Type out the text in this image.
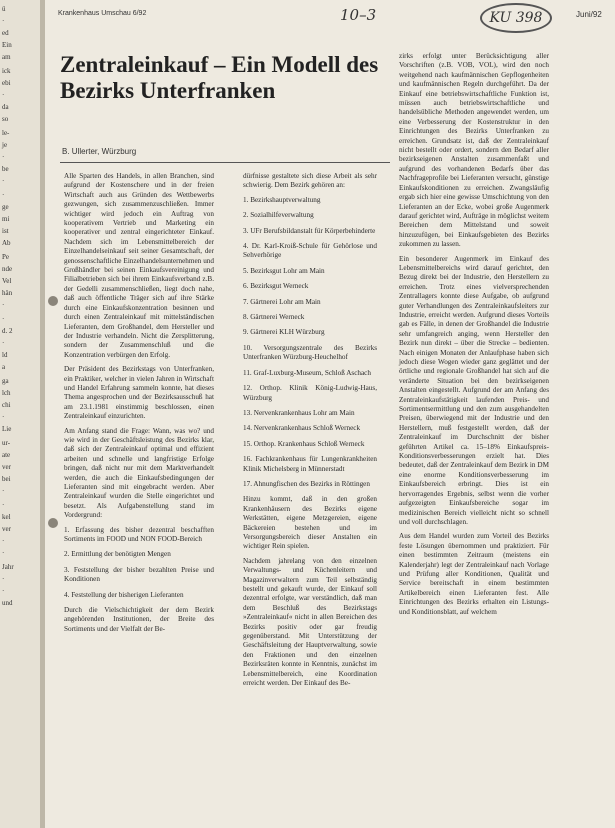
ü
·
ed
Ein
am
ick
ebi
·
da
so
le-
je
·
be
·
·
ge
mi
ist
Ab
Pe
nde
Vel
hän
·
·
d. 2
·
ld
a
ga
lch
chi
·
Lie
ur-
ate
ver
bei
·
·
kel
ver
·
·
Jahr
·
·
und
Krankenhaus Umschau 6/92	10–3	KU 398	Juni/92
Zentraleinkauf – Ein Modell des Bezirks Unterfranken
B. Ullerter, Würzburg

Alle Sparten des Handels, in allen Branchen, sind aufgrund der Kostenschere und in der freien Wirtschaft auch aus Gründen des Wettbewerbs gezwungen, sich zusammenzuschließen. Immer wichtiger wird jedoch ein Auftrag von kooperativem Vertrieb und Marketing ein kooperativer und zentral eingerichteter Einkauf. Nachdem sich im Lebensmittelbereich der Einzelhandelseinkauf seit seiner Gesamtschaft, der genossenschaftliche Einzelhandelsunternehmen und Großhändler bei seinen Einkaufsvereinigung und Filialbetrieben sich bei ihrem Einkaufsverband z.B. der Gedelli zusammenschließen, liegt doch nahe, daß auch öffentliche Träger sich auf ihre Stärke durch eine Einkaufskonzentration besinnen und durch einen Zentraleinkauf mit mittelständischen Lieferanten, dem Großhandel, dem Hersteller und der Industrie verhandeln. Nicht die Zersplitterung, sondern der Zusammenschluß und die Konzentration verbürgen den Erfolg.

Der Präsident des Bezirkstags von Unterfranken, ein Praktiker, welcher in vielen Jahren in Wirtschaft und Handel Erfahrung sammeln konnte, hat dieses Thema angesprochen und der Bezirksausschuß hat am 23.1.1981 einstimmig beschlossen, einen Zentraleinkauf einzurichten.

Am Anfang stand die Frage: Wann, was wo? und wie wird in der Geschäftsleistung des Bezirks klar, daß sich der Zentraleinkauf optimal und effizient arbeiten und schnelle und langfristige Erfolge bringen, daß nicht nur mit dem Marktverhandelt werden, die auch die Einkaufsbedingungen der Lieferanten sind mit eingebracht werden. Aber Zentraleinkauf wurden die Stelle eingerichtet und besetzt. Als Aufgabenstellung stand im Vordergrund:

1. Erfassung des bisher dezentral beschafften Sortiments im FOOD und NON FOOD-Bereich
2. Ermittlung der benötigten Mengen
3. Feststellung der bisher bezahlten Preise und Konditionen
4. Feststellung der bisherigen Lieferanten

Durch die Vielschichtigkeit der dem Bezirk angehörenden Institutionen, der Breite des Sortiments und der Vielfalt der Be-

dürfnisse gestaltete sich diese Arbeit als sehr schwierig. Dem Bezirk gehören an:

1. Bezirkshauptverwaltung
2. Sozialhilfeverwaltung
3. UFr Berufsbildanstalt für Körperbehinderte
4. Dr. Karl-Kroiß-Schule für Gehörlose und Sehverhörige
5. Bezirksgut Lohr am Main
6. Bezirksgut Werneck
7. Gärtnerei Lohr am Main
8. Gärtnerei Werneck
9. Gärtnerei KLH Würzburg
10. Versorgungszentrale des Bezirks Unterfranken Würzburg-Heuchelhof
11. Graf-Luxburg-Museum, Schloß Aschach
12. Orthop. Klinik König-Ludwig-Haus, Würzburg
13. Nervenkrankenhaus Lohr am Main
14. Nervenkrankenhaus Schloß Werneck
15. Orthop. Krankenhaus Schloß Werneck
16. Fachkrankenhaus für Lungenkrankheiten Klinik Michelsberg in Münnerstadt
17. Ahnungfischen des Bezirks in Röttingen

Hinzu kommt, daß in den großen Krankenhäusern des Bezirks eigene Werkstätten, eigene Metzgereien, eigene Bäckereien bestehen und im Versorgungsbereich dieser Anstalten ein wichtiger Rein spielen.

Nachdem jahrelang von den einzelnen Verwaltungs- und Küchenleitern und Magazinverwaltern zum Teil selbständig bestellt und gekauft wurde, der Einkauf soll dezentral erfolgte, war verständlich, daß man dem Beschluß des Bezirkstags »Zentraleinkauf« nicht in allen Bereichen des Bezirks positiv oder gar freudig gegenüberstand. Mit Unterstützung der Geschäftsleitung der Hauptverwaltung, sowie den Fraktionen und den einzelnen Bezirksräten konnte in Kenntnis, zunächst im Lebensmittelbereich, eine Koordination erreicht werden. Der Einkauf des Be-

zirks erfolgt unter Berücksichtigung aller Vorschriften (z.B. VOB, VOL), wird den noch weitgehend nach kaufmännischen Gepflogenheiten und kaufmännischen Regeln durchgeführt. Da der Einkauf eine betriebswirtschaftliche Funktion ist, müssen auch betriebswirtschaftliche und handelsübliche Methoden angewendet werden, um eine Verbesserung der Kostenstruktur in den Einrichtungen des Bezirks Unterfranken zu erreichen. Grundsatz ist, daß der Zentraleinkauf nicht bestellt oder ordert, sondern den Bedarf aller bezirkseigenen Anstalten zusammenfaßt und aufgrund des vorhandenen Bedarfs über das Nachfrageprofile bei Lieferanten versucht, günstige Einkaufskonditionen zu erreichen. Zwangsläufig ergab sich hier eine gewisse Umschichtung von den Lieferanten an der Ecke, wobei große Augenmerk darauf gerichtet wird, Aufträge in möglichst weitem Bereichen dem Mittelstand und soweit hinzuzufügen, bei Einkaufsgebieten des Bezirks zukommen zu lassen.

Ein besonderer Augenmerk im Einkauf des Lebensmittelbereichs wird darauf gerichtet, den Bezug direkt bei der Industrie, den Herstellern zu erreichen. Trotz eines vielversprechenden Zentrallagers konnte diese Aufgabe, ob aufgrund guter Verhandlungen des Zentraleinkaufsleiters zur Industrie, erreicht werden. Aufgrund dieses Vorteils gab es Fälle, in denen der Großhandel die Industrie sehr umfangreich anging, wenn Hersteller den Bezirk nun direkt – über die Strecke – bedienten. Nach einigen Monaten der Anlaufphase haben sich jedoch diese Wogen wieder ganz geglättet und der örtliche und regionale Großhandel hat sich auf die veränderte Situation bei den bezirkseigenen Anstalten eingestellt. Aufgrund der am Anfang des Zentraleinkaufstätigkeit laufenden Preis- und Sortimentsermittlung und den zum ausgehandelten Preisen, überwiegend mit der Industrie und den Herstellern, muß festgestellt werden, daß der Zentraleinkauf im Durchschnitt der bisher geführten Artikel ca. 15–18% Einkaufspreis- Konditionsverbesserungen erzielt hat. Dies bedeutet, daß der Zentraleinkauf dem Bezirk in DM eine enorme Konditionsverbesserung im Einkaufsbereich erbringt. Dies ist ein hervorragendes Ergebnis, selbst wenn die vorher aufgezeigten Einkaufsbereiche sogar im medizinischen Bereich vielleicht nicht so schnell und voll durchschlagen.

Aus dem Handel wurden zum Vorteil des Bezirks feste Lösungen übernommen und praktiziert. Für einen bestimmten Zeitraum (meistens ein Kalenderjahr) legt der Zentraleinkauf nach Vorlage und Prüfung aller Konditionen, Qualität und Service bereitschaft in einem bestimmten Artikelbereich einen Lieferanten fest. Alle Einrichtungen des Bezirks erhalten ein Listungs- und Konditionsblatt, auf welchem
